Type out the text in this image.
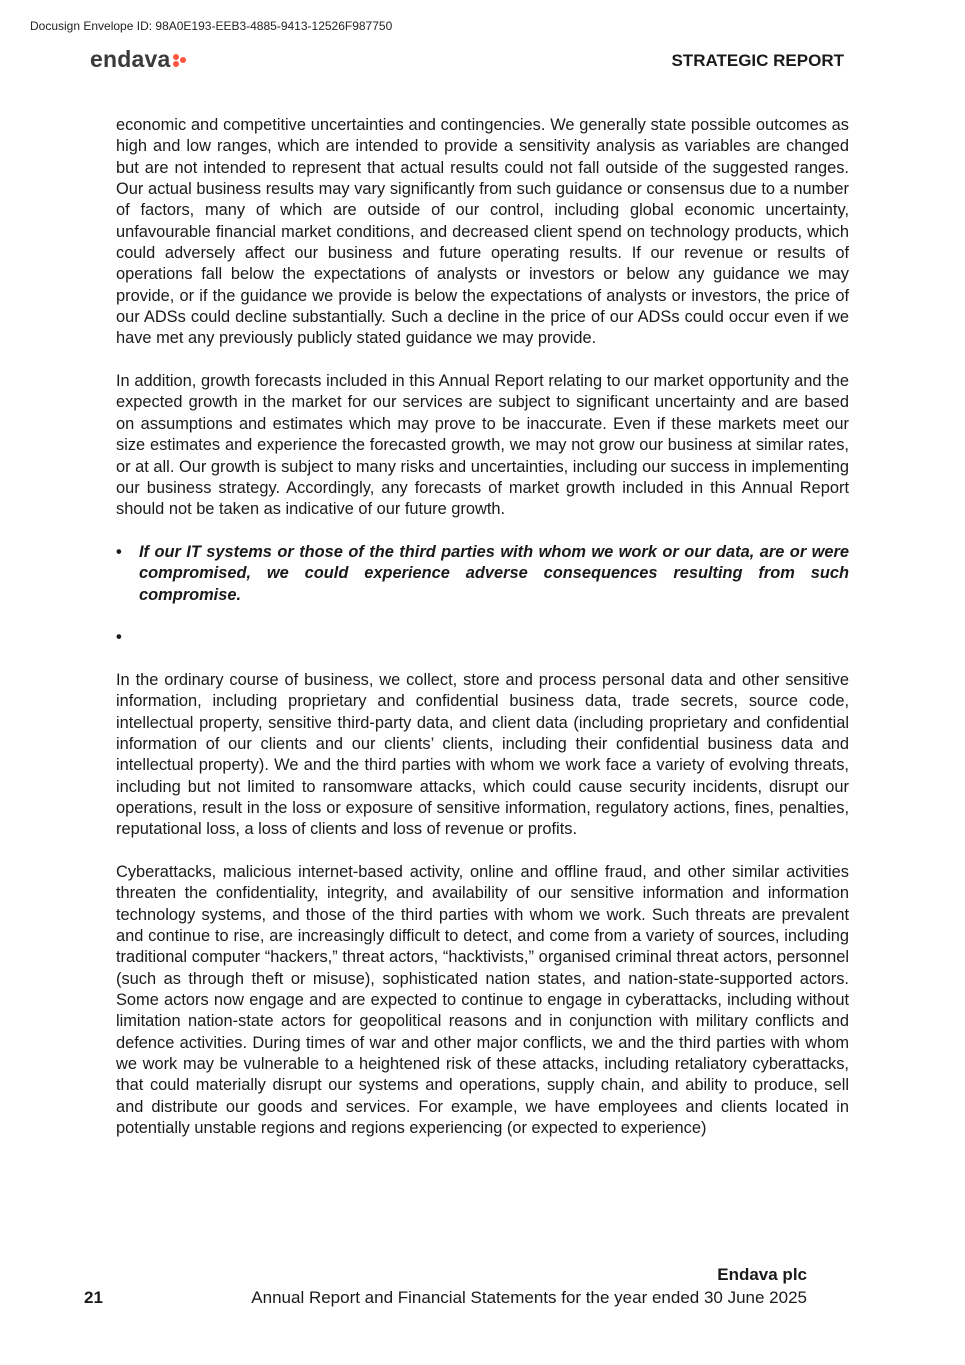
Docusign Envelope ID: 98A0E193-EEB3-4885-9413-12526F987750
endava	STRATEGIC REPORT

economic and competitive uncertainties and contingencies. We generally state possible outcomes as high and low ranges, which are intended to provide a sensitivity analysis as variables are changed but are not intended to represent that actual results could not fall outside of the suggested ranges. Our actual business results may vary significantly from such guidance or consensus due to a number of factors, many of which are outside of our control, including global economic uncertainty, unfavourable financial market conditions, and decreased client spend on technology products, which could adversely affect our business and future operating results. If our revenue or results of operations fall below the expectations of analysts or investors or below any guidance we may provide, or if the guidance we provide is below the expectations of analysts or investors, the price of our ADSs could decline substantially. Such a decline in the price of our ADSs could occur even if we have met any previously publicly stated guidance we may provide.

In addition, growth forecasts included in this Annual Report relating to our market opportunity and the expected growth in the market for our services are subject to significant uncertainty and are based on assumptions and estimates which may prove to be inaccurate. Even if these markets meet our size estimates and experience the forecasted growth, we may not grow our business at similar rates, or at all. Our growth is subject to many risks and uncertainties, including our success in implementing our business strategy. Accordingly, any forecasts of market growth included in this Annual Report should not be taken as indicative of our future growth.

•	If our IT systems or those of the third parties with whom we work or our data, are or were compromised, we could experience adverse consequences resulting from such compromise.
•

In the ordinary course of business, we collect, store and process personal data and other sensitive information, including proprietary and confidential business data, trade secrets, source code, intellectual property, sensitive third-party data, and client data (including proprietary and confidential information of our clients and our clients’ clients, including their confidential business data and intellectual property). We and the third parties with whom we work face a variety of evolving threats, including but not limited to ransomware attacks, which could cause security incidents, disrupt our operations, result in the loss or exposure of sensitive information, regulatory actions, fines, penalties, reputational loss, a loss of clients and loss of revenue or profits.

Cyberattacks, malicious internet-based activity, online and offline fraud, and other similar activities threaten the confidentiality, integrity, and availability of our sensitive information and information technology systems, and those of the third parties with whom we work. Such threats are prevalent and continue to rise, are increasingly difficult to detect, and come from a variety of sources, including traditional computer “hackers,” threat actors, “hacktivists,” organised criminal threat actors, personnel (such as through theft or misuse), sophisticated nation states, and nation-state-supported actors. Some actors now engage and are expected to continue to engage in cyberattacks, including without limitation nation-state actors for geopolitical reasons and in conjunction with military conflicts and defence activities. During times of war and other major conflicts, we and the third parties with whom we work may be vulnerable to a heightened risk of these attacks, including retaliatory cyberattacks, that could materially disrupt our systems and operations, supply chain, and ability to produce, sell and distribute our goods and services. For example, we have employees and clients located in potentially unstable regions and regions experiencing (or expected to experience)

Endava plc
21	Annual Report and Financial Statements for the year ended 30 June 2025
